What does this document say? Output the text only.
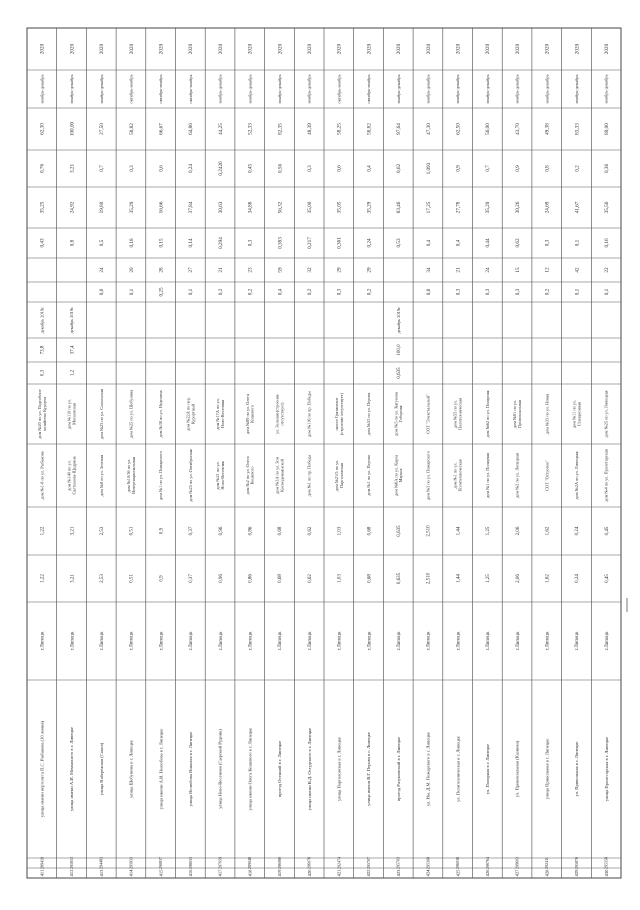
2020
ноябрь-декабрь
62,30
0,76
35,25
0,43
декабрь 2019г.
73,8
0,3
дом №20 по ул. Подсобноехозяйство Курорта
дом №1-8 по ул. Рыбакова
1,22
1,22
г.Липецк
улица имени вертолета П.С. Рыбакова (10 линия)
289419
411
2020
ноябрь-декабрь
100,00
3,21
24,92
0,8
декабрь 2019г.
37,4
1,2
дом №110 по ул.Московская
дом №140 по ул.Салтыкова-Щедрина
3,21
3,21
г.Липецк
улица имени А.И. Моммоното в г. Липецке
295853
412
2020
ноябрь-декабрь
27,50
0,7
19,80
0,5
24
0,6
дом №25 по ул. Сокольская
дом №8 по ул. Зеленая
2,53
2,53
г.Липецк
улица Набережная (Сокол)
294483
413
2020
октябрь-ноябрь
58,82
0,3
35,29
0,18
20
0,1
дом №25 по ул. Шебунина
дом №10/16 по ул.Интернациональная
0,51
0,51
г.Липецк
улица Шебунина в г. Липецке
295833
414
2020
октябрь-ноябрь
66,67
0,6
16,66
0,15
28
0,25
дом №38 по ул. Неделина
дом №1 по ул. Пожарского
0,9
0,9
г.Липецк
улица имени А.И. Нелюбова в г. Липецке
290837
415
2020
октябрь-ноябрь
64,86
0,24
37,84
0,14
27
0,1
дом №22А по пер.Курортный
дом №25 по ул. Октябрьская
0,37
0,37
г.Липецк
улица Нелюбова Николая в г. Липецке
298033
416
2020
ноябрь-декабрь
44,25
0,2426
30,63
0,294
21
0,2
дом №17А по ул.Ново-Весенняя
дом №21 по ул.Ново-Весенняя
0,96
0,96
г.Липецк
улица Ново-Весенняя (Сырский Рудник)
297059
417
2020
ноябрь-декабрь
52,33
0,45
34,88
0,3
23
0,2
дом №89 по ул. ОлегаКошевого
дом №2 по ул. ОлегаКошевого
0,86
0,86
г.Липецк
улица имени Олега Кошевого в г. Липецке
289048
418
2020
ноябрь-декабрь
82,35
0,56
56,32
0,383
59
0,4
ул. Зеленая (строениеотсутствует)
дом №3А по ул. ЗоиКосмодемьянской
0,68
0,68
г.Липецк
проезд Осенний в г. Липецке
296080
419
2020
ноябрь-декабрь
48,39
0,3
35,00
0,217
32
0,2
дом №116 по пр. Победы
дом №1 по пр. Победы
0,62
0,62
г.Липецк
улица имени В.Д. Осгудского в г. Липецке
296076
420
2020
октябрь-ноябрь
58,25
0,6
35,05
0,361
29
0,3
шоссе Грязинское(строение отсутствует)
дом №21/5 по ул.Парголовская
1,03
1,03
г.Липецк
улица Парголовская в г. Липецке
292474
421
2020
октябрь-ноябрь
58,82
0,4
35,29
0,24
29
0,2
дом №53 по ул. Перова
дом №1 по ул. Перова
0,68
0,68
г.Липецк
улица имени В.Г. Перова в г. Липецке
295707
422
2020
ноябрь-декабрь
97,64
0,62
83,46
0,53
декабрь 2019г.
100,0
0,635
дом №5 по ул. КатуковаГоборная
дом №6А по ул. КарлаМаркса
0,635
0,635
г.Липецк
проезд Разумовский в г. Липецке
295703
423
2020
ноябрь-декабрь
47,30
1,093
17,25
0,4
34
0,8
СОТ "Элекстальный"
дом №3 по ул. Пожарского
2,510
2,510
г.Липецк
ул. Им. Д.М. Пожарского в г. Липецке
295308
424
2020
ноябрь-декабрь
62,50
0,9
27,78
0,4
21
0,3
дом №55 по ул.Политехническая
дом №1 по ул.Политехническая
1,44
1,44
г.Липецк
ул. Политехническая в г. Липецке
296038
425
2020
ноябрь-декабрь
56,00
0,7
35,20
0,44
24
0,3
дом №62 по ул. Полярная
дом №1 по ул. Полярная
1,25
1,25
г.Липецк
ул. Полярная в г. Липецке
296764
426
2020
ноябрь-декабрь
43,70
0,9
30,26
0,62
15
0,3
дом №81 по ул.Привокзальная
дом №2 по ул. Липецкая
2,06
2,06
г.Липецк
ул. Привокзальная (Казинка)
299603
427
2020
ноябрь-декабрь
49,38
0,8
24,69
0,3
12
0,2
дом №33 по ул. Новая
СОТ "Островок"
1,62
1,62
г.Липецк
улица Привольная в г. Липецке
292411
428
2020
ноябрь-декабрь
83,33
0,2
41,67
0,1
42
0,1
дом №11 по ул.Станционная
дом №2А по ул. Липецкая
0,24
0,24
г.Липецк
ул. Привольная в г. Липецке
295870
429
2020
ноябрь-декабрь
80,00
0,36
35,56
0,16
22
0,1
дом №25 по ул. Липецкая
дом №4 по ул. Пролетарская
0,45
0,45
г.Липецк
улица Пролетарская в г. Липецке
295358
430
